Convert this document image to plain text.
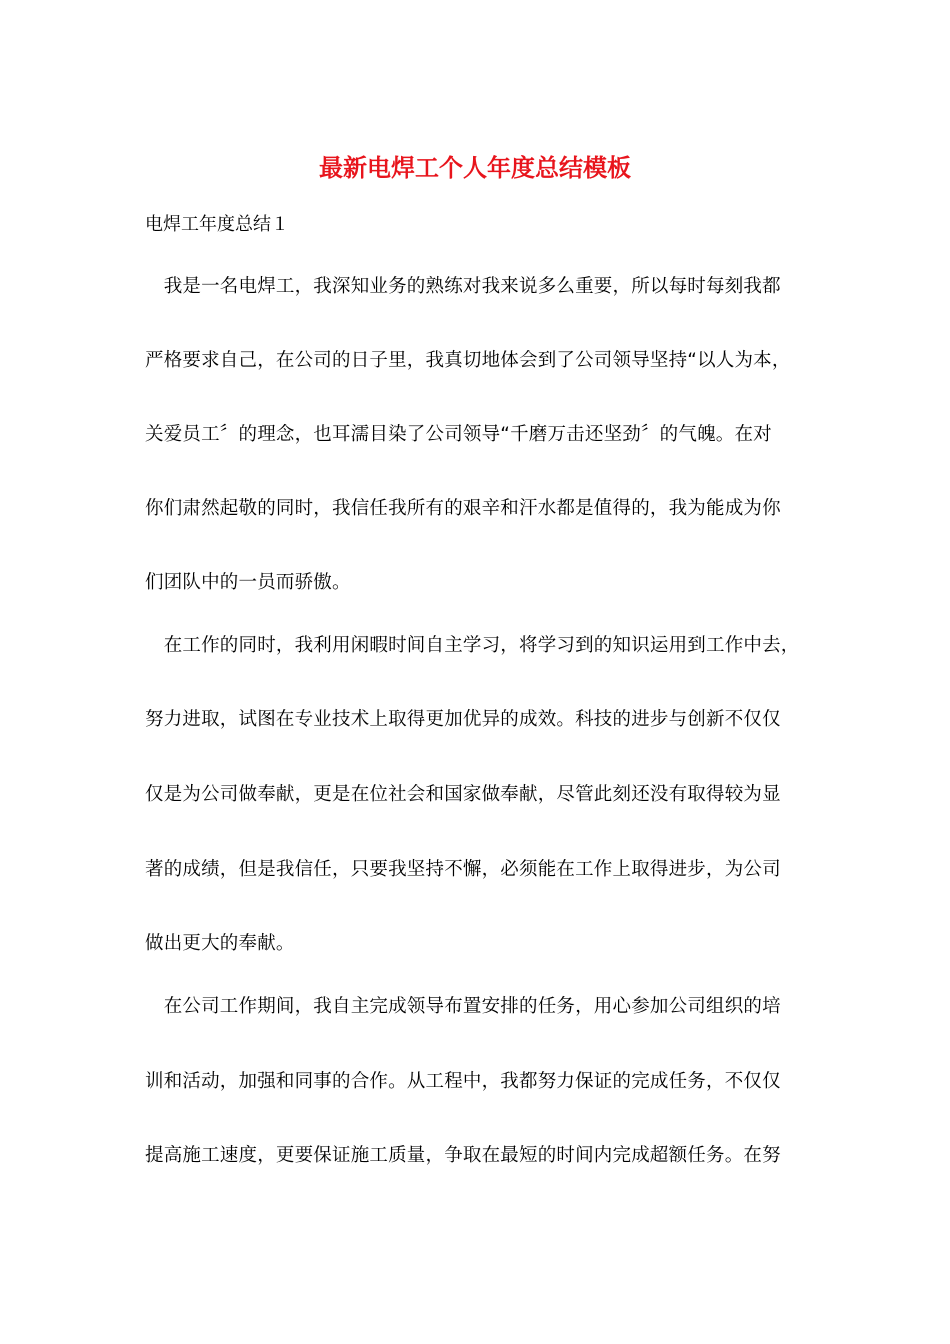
最新电焊工个人年度总结模板
电焊工年度总结１
　我是一名电焊工，我深知业务的熟练对我来说多么重要，所以每时每刻我都
严格要求自己，在公司的日子里，我真切地体会到了公司领导坚持“以人为本，
关爱员工〞的理念，也耳濡目染了公司领导“千磨万击还坚劲〞的气魄。在对
你们肃然起敬的同时，我信任我所有的艰辛和汗水都是值得的，我为能成为你
们团队中的一员而骄傲。
　在工作的同时，我利用闲暇时间自主学习，将学习到的知识运用到工作中去，
努力进取，试图在专业技术上取得更加优异的成效。科技的进步与创新不仅仅
仅是为公司做奉献，更是在位社会和国家做奉献，尽管此刻还没有取得较为显
著的成绩，但是我信任，只要我坚持不懈，必须能在工作上取得进步，为公司
做出更大的奉献。
　在公司工作期间，我自主完成领导布置安排的任务，用心参加公司组织的培
训和活动，加强和同事的合作。从工程中，我都努力保证的完成任务，不仅仅
提高施工速度，更要保证施工质量，争取在最短的时间内完成超额任务。在努
